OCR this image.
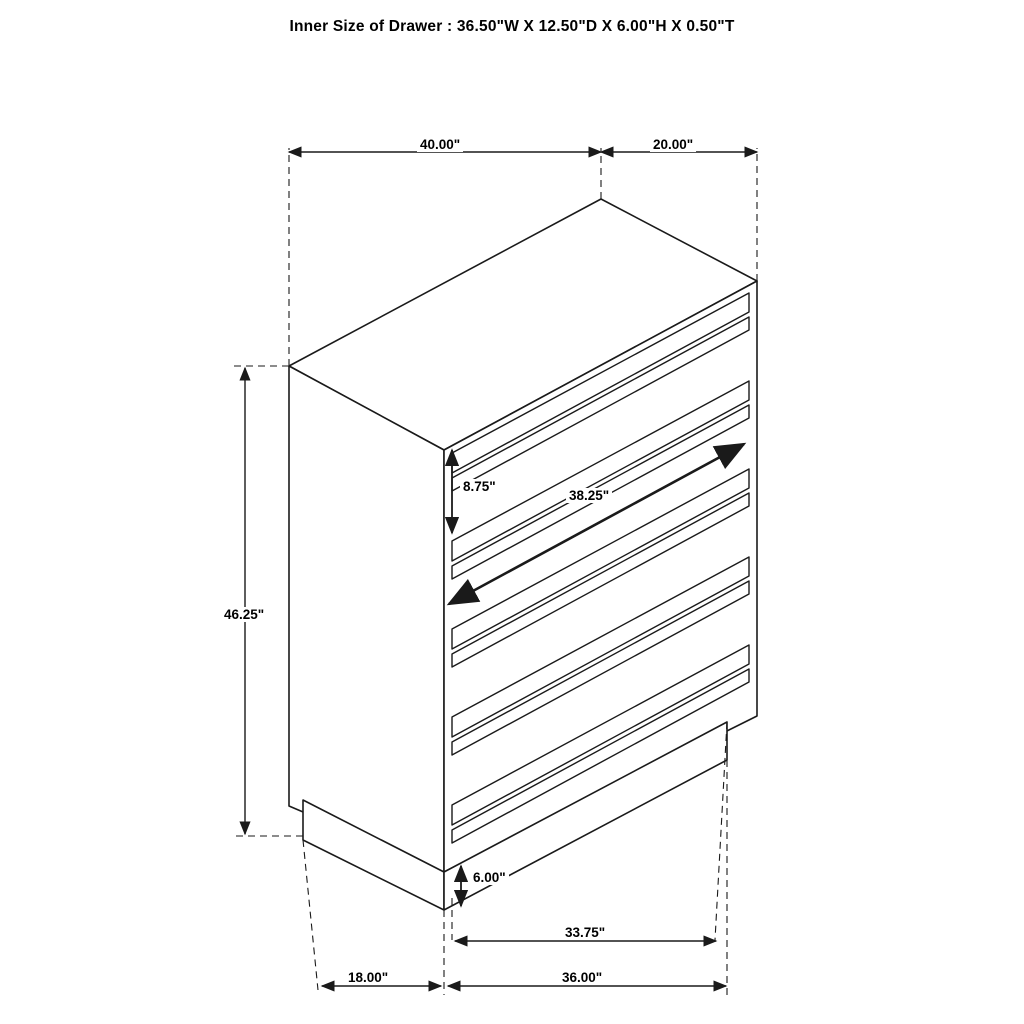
Inner Size of Drawer : 36.50"W X 12.50"D X 6.00"H X 0.50"T
40.00"	20.00"
46.25"
8.75"
38.25"
6.00"
33.75"
18.00"	36.00"
